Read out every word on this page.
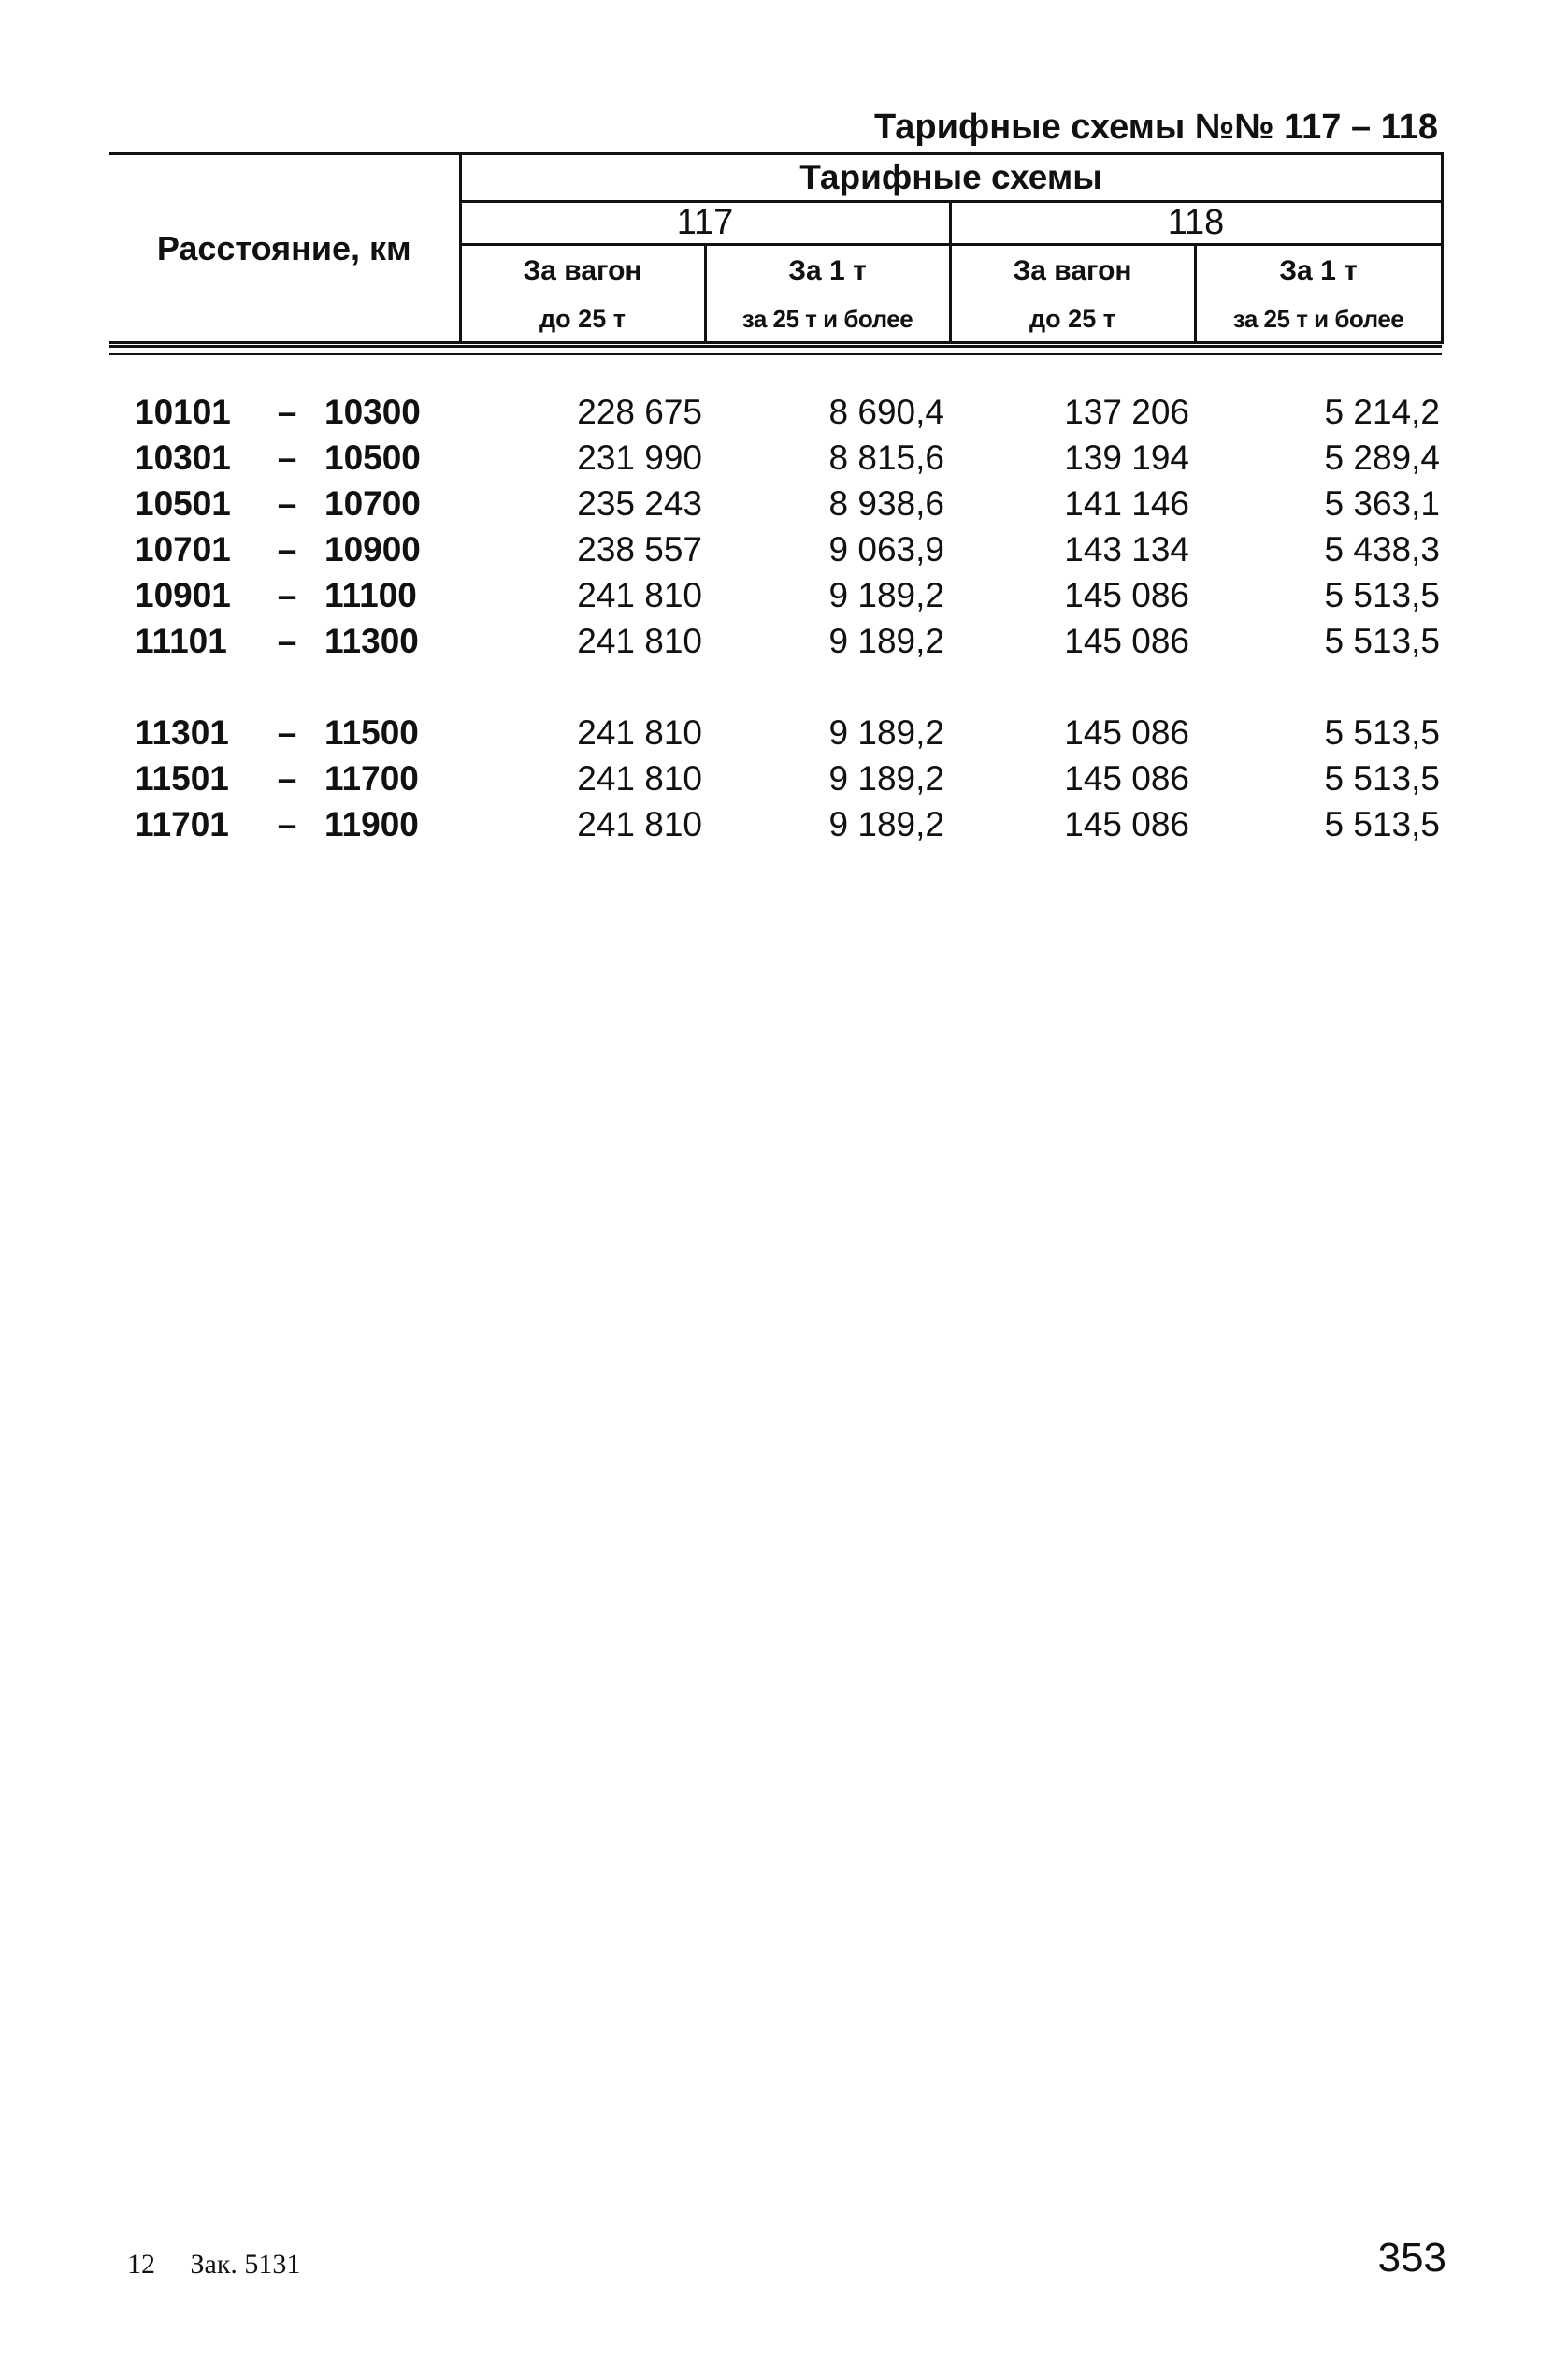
Тарифные схемы №№ 117 – 118
Расстояние, км	Тарифные схемы			
	117		118	
	За вагон	За 1 т	За вагон	За 1 т
	до 25 т	за 25 т и более	до 25 т	за 25 т и более
10101	– 10300	228 675	8 690,4	137 206	5 214,2
10301	– 10500	231 990	8 815,6	139 194	5 289,4
10501	– 10700	235 243	8 938,6	141 146	5 363,1
10701	– 10900	238 557	9 063,9	143 134	5 438,3
10901	– 11100	241 810	9 189,2	145 086	5 513,5
11101	– 11300	241 810	9 189,2	145 086	5 513,5
11301	– 11500	241 810	9 189,2	145 086	5 513,5
11501	– 11700	241 810	9 189,2	145 086	5 513,5
11701	– 11900	241 810	9 189,2	145 086	5 513,5
12 Зак. 5131	353
